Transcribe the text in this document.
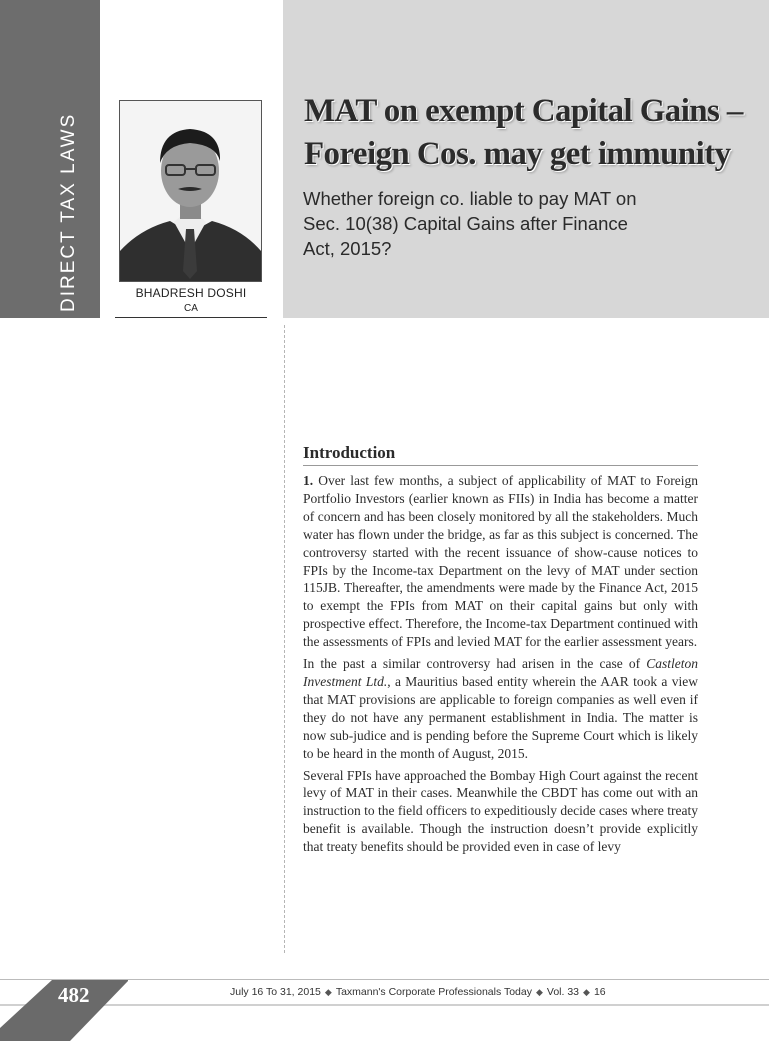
DIRECT TAX LAWS	BHADRESH DOSHI
CA
MAT on exempt Capital Gains –
Foreign Cos. may get immunity
Whether foreign co. liable to pay MAT on
Sec. 10(38) Capital Gains after Finance
Act, 2015?
Introduction

1. Over last few months, a subject of applicability of MAT to Foreign Portfolio Investors (earlier known as FIIs) in India has become a matter of concern and has been closely monitored by all the stakeholders. Much water has flown under the bridge, as far as this subject is concerned. The controversy started with the recent issuance of show-cause notices to FPIs by the Income-tax Department on the levy of MAT under section 115JB. Thereafter, the amendments were made by the Finance Act, 2015 to exempt the FPIs from MAT on their capital gains but only with prospective effect. Therefore, the Income-tax Department continued with the assessments of FPIs and levied MAT for the earlier assessment years.

In the past a similar controversy had arisen in the case of Castleton Investment Ltd., a Mauritius based entity wherein the AAR took a view that MAT provisions are applicable to foreign companies as well even if they do not have any permanent establishment in India. The matter is now sub-judice and is pending before the Supreme Court which is likely to be heard in the month of August, 2015.

Several FPIs have approached the Bombay High Court against the recent levy of MAT in their cases. Meanwhile the CBDT has come out with an instruction to the field officers to expeditiously decide cases where treaty benefit is available. Though the instruction doesn’t provide explicitly that treaty benefits should be provided even in case of levy

482	July 16 To 31, 2015 ◆ Taxmann's Corporate Professionals Today ◆ Vol. 33 ◆ 16
